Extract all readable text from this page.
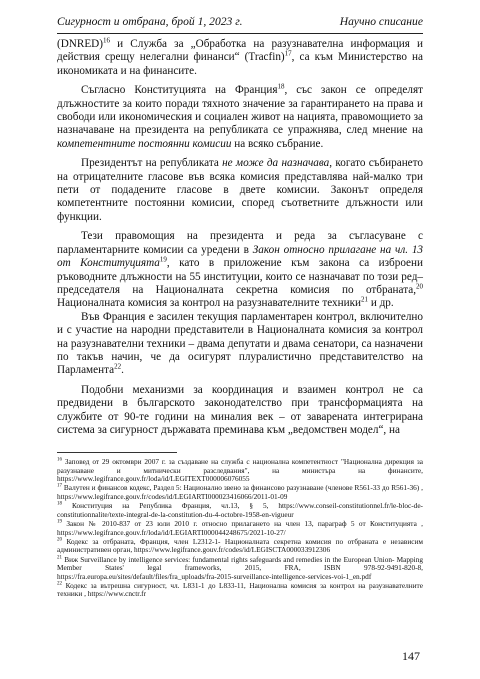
Сигурност и отбрана, брой 1, 2023 г.	Научно списание

(DNRED)$^{16}$ и Служба за „Обработка на разузнавателна информация и действия срещу нелегални финанси“ (Tracfin)$^{17}$, са към Министерство на икономиката и на финансите.

Съгласно Конституцията на Франция$^{18}$, със закон се определят длъжностите за които поради тяхното значение за гарантирането на права и свободи или икономическия и социален живот на нацията, правомощието за назначаване на президента на републиката се упражнява, след мнение на компетентните постоянни комисии на всяко събрание.

Президентът на републиката не може да назначава, когато събирането на отрицателните гласове във всяка комисия представлява най-малко три пети от подадените гласове в двете комисии. Законът определя компетентните постоянни комисии, според съответните длъжности или функции.

Тези правомощия на президента и реда за съгласуване с парламентарните комисии са уредени в Закон относно прилагане на чл. 13 от Конституцията$^{19}$, като в приложение към закона са изброени ръководните длъжности на 55 институции, които се назначават по този ред– председателя на Националната секретна комисия по отбраната,$^{20}$ Националната комисия за контрол на разузнавателните техники$^{21}$ и др.

Във Франция е засилен текущия парламентарен контрол, включително и с участие на народни представители в Националната комисия за контрол на разузнавателни техники – двама депутати и двама сенатори, са назначени по такъв начин, че да осигурят плуралистично представителство на Парламента$^{22}$.

Подобни механизми за координация и взаимен контрол не са предвидени в българското законодателство при трансформацията на службите от 90-те години на миналия век – от заварената интегрирана система за сигурност държавата преминава към „ведомствен модел“, на

$^{16}$ Заповед от 29 октомври 2007 г. за създаване на служба с национална компетентност "Национална дирекция за разузнаване и митнически разследвания", на министъра на финансите, https://www.legifrance.gouv.fr/loda/id/LEGITEXT000006076055

$^{17}$ Валутен и финансов кодекс, Раздел 5: Национално звено за финансово разузнаване (членове R561-33 до R561-36) , https://www.legifrance.gouv.fr/codes/id/LEGIARTI000023416066/2011-01-09

$^{18}$ Конституция на Република Франция, чл.13, § 5, https://www.conseil-constitutionnel.fr/le-bloc-de-constitutionnalite/texte-integral-de-la-constitution-du-4-octobre-1958-en-vigueur

$^{19}$ Закон № 2010-837 от 23 юли 2010 г. относно прилагането на член 13, параграф 5 от Конституцията , https://www.legifrance.gouv.fr/loda/id/LEGIARTI000044248675/2021-10-27/

$^{20}$ Кодекс за отбраната, Франция, член L2312-1- Националната секретна комисия по отбраната е независим административен орган, https://www.legifrance.gouv.fr/codes/id/LEGISCTA000033912306

$^{21}$ Виж Surveillance by intelligence services: fundamental rights safeguards and remedies in the European Union- Mapping Member States' legal frameworks, 2015, FRA, ISBN 978-92-9491-820-8, https://fra.europa.eu/sites/default/files/fra_uploads/fra-2015-surveillance-intelligence-services-voi-1_en.pdf

$^{22}$ Кодекс за вътрешна сигурност, чл. L831-1 до L833-11, Национална комисия за контрол на разузнавателните техники , https://www.cnctr.fr

147
